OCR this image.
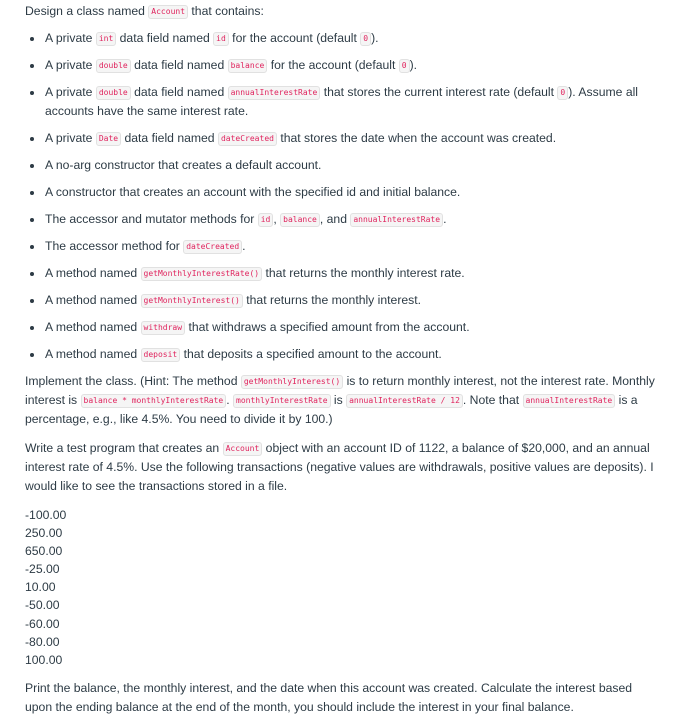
Design a class named Account that contains:

A private int data field named id for the account (default 0 ).
A private double data field named balance for the account (default 0 ).
A private double data field named annualInterestRate that stores the current interest rate (default 0 ). Assume all accounts have the same interest rate.
A private Date data field named dateCreated that stores the date when the account was created.
A no-arg constructor that creates a default account.
A constructor that creates an account with the specified id and initial balance.
The accessor and mutator methods for id , balance , and annualInterestRate .
The accessor method for dateCreated .
A method named getMonthlyInterestRate() that returns the monthly interest rate.
A method named getMonthlyInterest() that returns the monthly interest.
A method named withdraw that withdraws a specified amount from the account.
A method named deposit that deposits a specified amount to the account.

Implement the class. (Hint: The method getMonthlyInterest() is to return monthly interest, not the interest rate. Monthly interest is balance * monthlyInterestRate . monthlyInterestRate is annualInterestRate / 12 . Note that annualInterestRate is a percentage, e.g., like 4.5%. You need to divide it by 100.)

Write a test program that creates an Account object with an account ID of 1122, a balance of $20,000, and an annual interest rate of 4.5%. Use the following transactions (negative values are withdrawals, positive values are deposits). I would like to see the transactions stored in a file.

-100.00
250.00
650.00
-25.00
10.00
-50.00
-60.00
-80.00
100.00

Print the balance, the monthly interest, and the date when this account was created. Calculate the interest based upon the ending balance at the end of the month, you should include the interest in your final balance.
